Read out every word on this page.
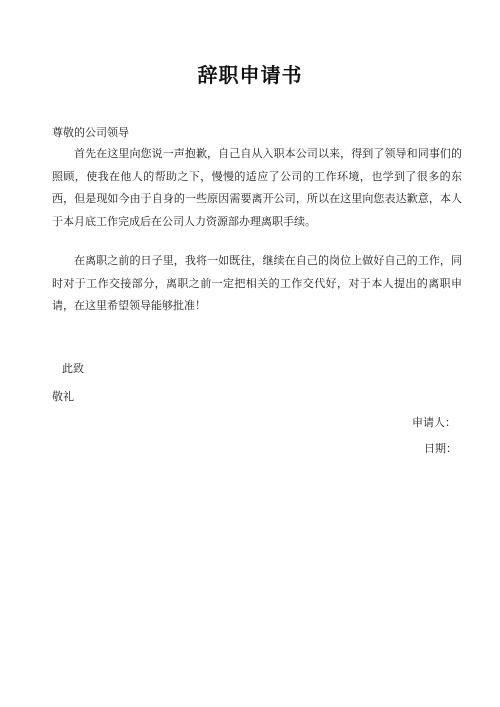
辞职申请书
尊敬的公司领导

首先在这里向您说一声抱歉，自己自从入职本公司以来，得到了领导和同事们的照顾，使我在他人的帮助之下，慢慢的适应了公司的工作环境，也学到了很多的东西，但是现如今由于自身的一些原因需要离开公司，所以在这里向您表达歉意，本人于本月底工作完成后在公司人力资源部办理离职手续。

在离职之前的日子里，我将一如既往，继续在自己的岗位上做好自己的工作，同时对于工作交接部分，离职之前一定把相关的工作交代好，对于本人提出的离职申请，在这里希望领导能够批准！

此致
敬礼
申请人：
日期：
